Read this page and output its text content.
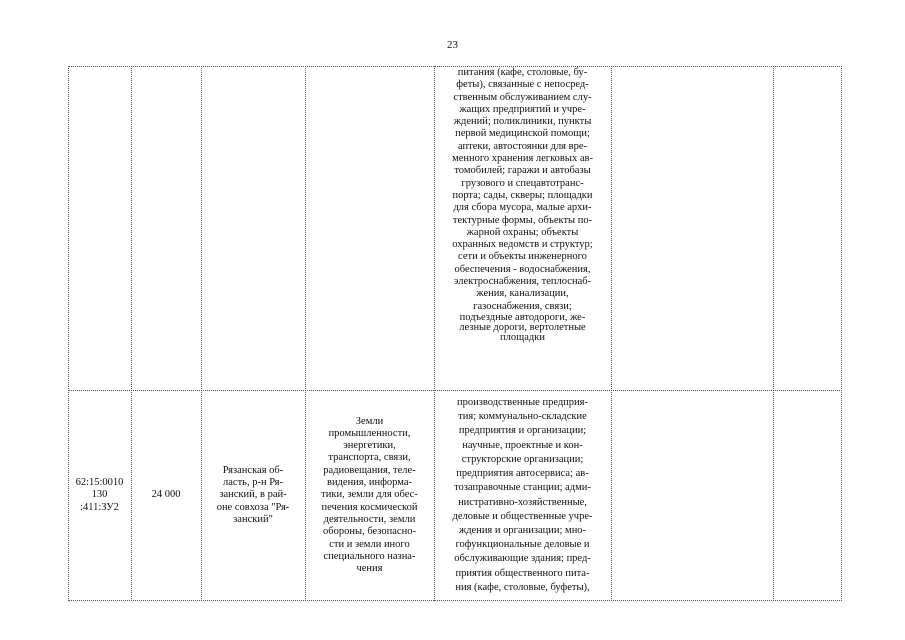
23
питания (кафе, столовые, бу-
феты), связанные с непосред-
ственным обслуживанием слу-
жащих предприятий и учре-
ждений; поликлиники, пункты
первой медицинской помощи;
аптеки, автостоянки для вре-
менного хранения легковых ав-
томобилей; гаражи и автобазы
грузового и спецавтотранс-
порта; сады, скверы; площадки
для сбора мусора, малые архи-
тектурные формы, объекты по-
жарной охраны; объекты
охранных ведомств и структур;
сети и объекты инженерного
обеспечения - водоснабжения,
электроснабжения, теплоснаб-
жения, канализации,
газоснабжения, связи;
подъездные автодороги, же-
лезные дороги, вертолетные
площадки
62:15:0010
130
:411:ЗУ2
24 000
Рязанская об-
ласть, р-н Ря-
занский, в рай-
оне совхоза "Ря-
занский"
Земли
промышленности,
энергетики,
транспорта, связи,
радиовещания, теле-
видения, информа-
тики, земли для обес-
печения космической
деятельности, земли
обороны, безопасно-
сти и земли иного
специального назна-
чения
производственные предприя-
тия; коммунально-складские
предприятия и организации;
научные, проектные и кон-
структорские организации;
предприятия автосервиса; ав-
тозаправочные станции; адми-
нистративно-хозяйственные,
деловые и общественные учре-
ждения и организации; мно-
гофункциональные деловые и
обслуживающие здания; пред-
приятия общественного пита-
ния (кафе, столовые, буфеты),
